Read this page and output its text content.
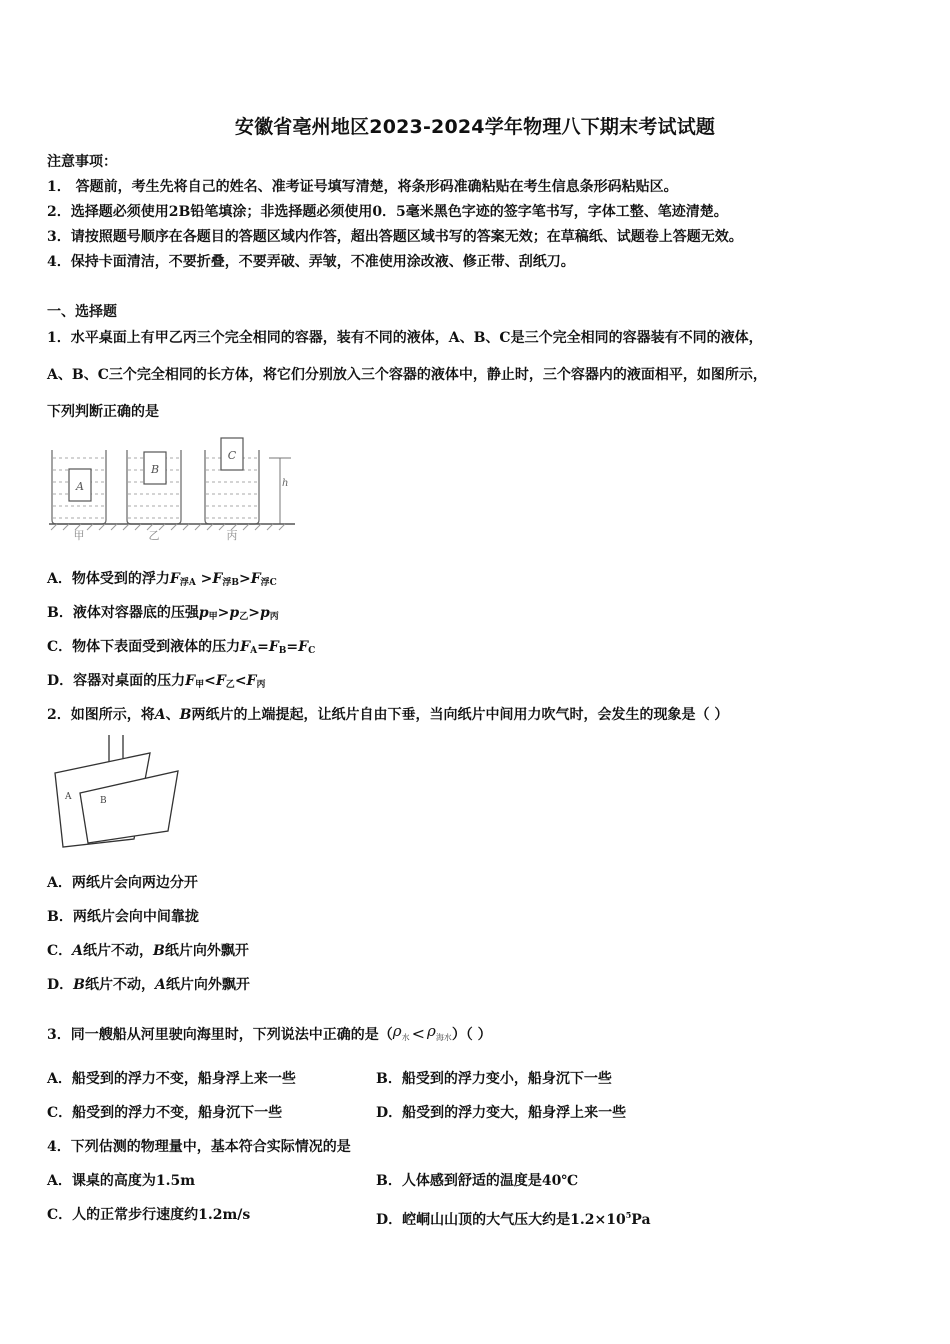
安徽省亳州地区2023-2024学年物理八下期末考试试题
注意事项：
1． 答题前，考生先将自己的姓名、准考证号填写清楚，将条形码准确粘贴在考生信息条形码粘贴区。
2．选择题必须使用2B铅笔填涂；非选择题必须使用0．5毫米黑色字迹的签字笔书写，字体工整、笔迹清楚。
3．请按照题号顺序在各题目的答题区域内作答，超出答题区域书写的答案无效；在草稿纸、试题卷上答题无效。
4．保持卡面清洁，不要折叠，不要弄破、弄皱，不准使用涂改液、修正带、刮纸刀。
一、选择题
1．水平桌面上有甲乙丙三个完全相同的容器，装有不同的液体，A、B、C是三个完全相同的容器装有不同的液体，
A、B、C三个完全相同的长方体，将它们分别放入三个容器的液体中，静止时，三个容器内的液面相平，如图所示，
下列判断正确的是
A
B
C
h
甲	乙	丙
A．物体受到的浮力$F_{浮A} >F_{浮B}>F_{浮C}$
B．液体对容器底的压强$p_甲>p_乙>p_丙$
C．物体下表面受到液体的压力$F_A=F_B=F_C$
D．容器对桌面的压力$F_甲<F_乙<F_丙$
2．如图所示，将A、B两纸片的上端提起，让纸片自由下垂，当向纸片中间用力吹气时，会发生的现象是（ ）
A	B
A．两纸片会向两边分开
B．两纸片会向中间靠拢
C．A纸片不动，B纸片向外飘开
D．B纸片不动，A纸片向外飘开
3．同一艘船从河里驶向海里时，下列说法中正确的是（ρ水 < ρ海水）（ ）
A．船受到的浮力不变，船身浮上来一些	B．船受到的浮力变小，船身沉下一些
C．船受到的浮力不变，船身沉下一些	D．船受到的浮力变大，船身浮上来一些
4．下列估测的物理量中，基本符合实际情况的是
A．课桌的高度为1.5m	B．人体感到舒适的温度是40℃
C．人的正常步行速度约1.2m/s	D．崆峒山山顶的大气压大约是$1.2\times 10^5Pa$
